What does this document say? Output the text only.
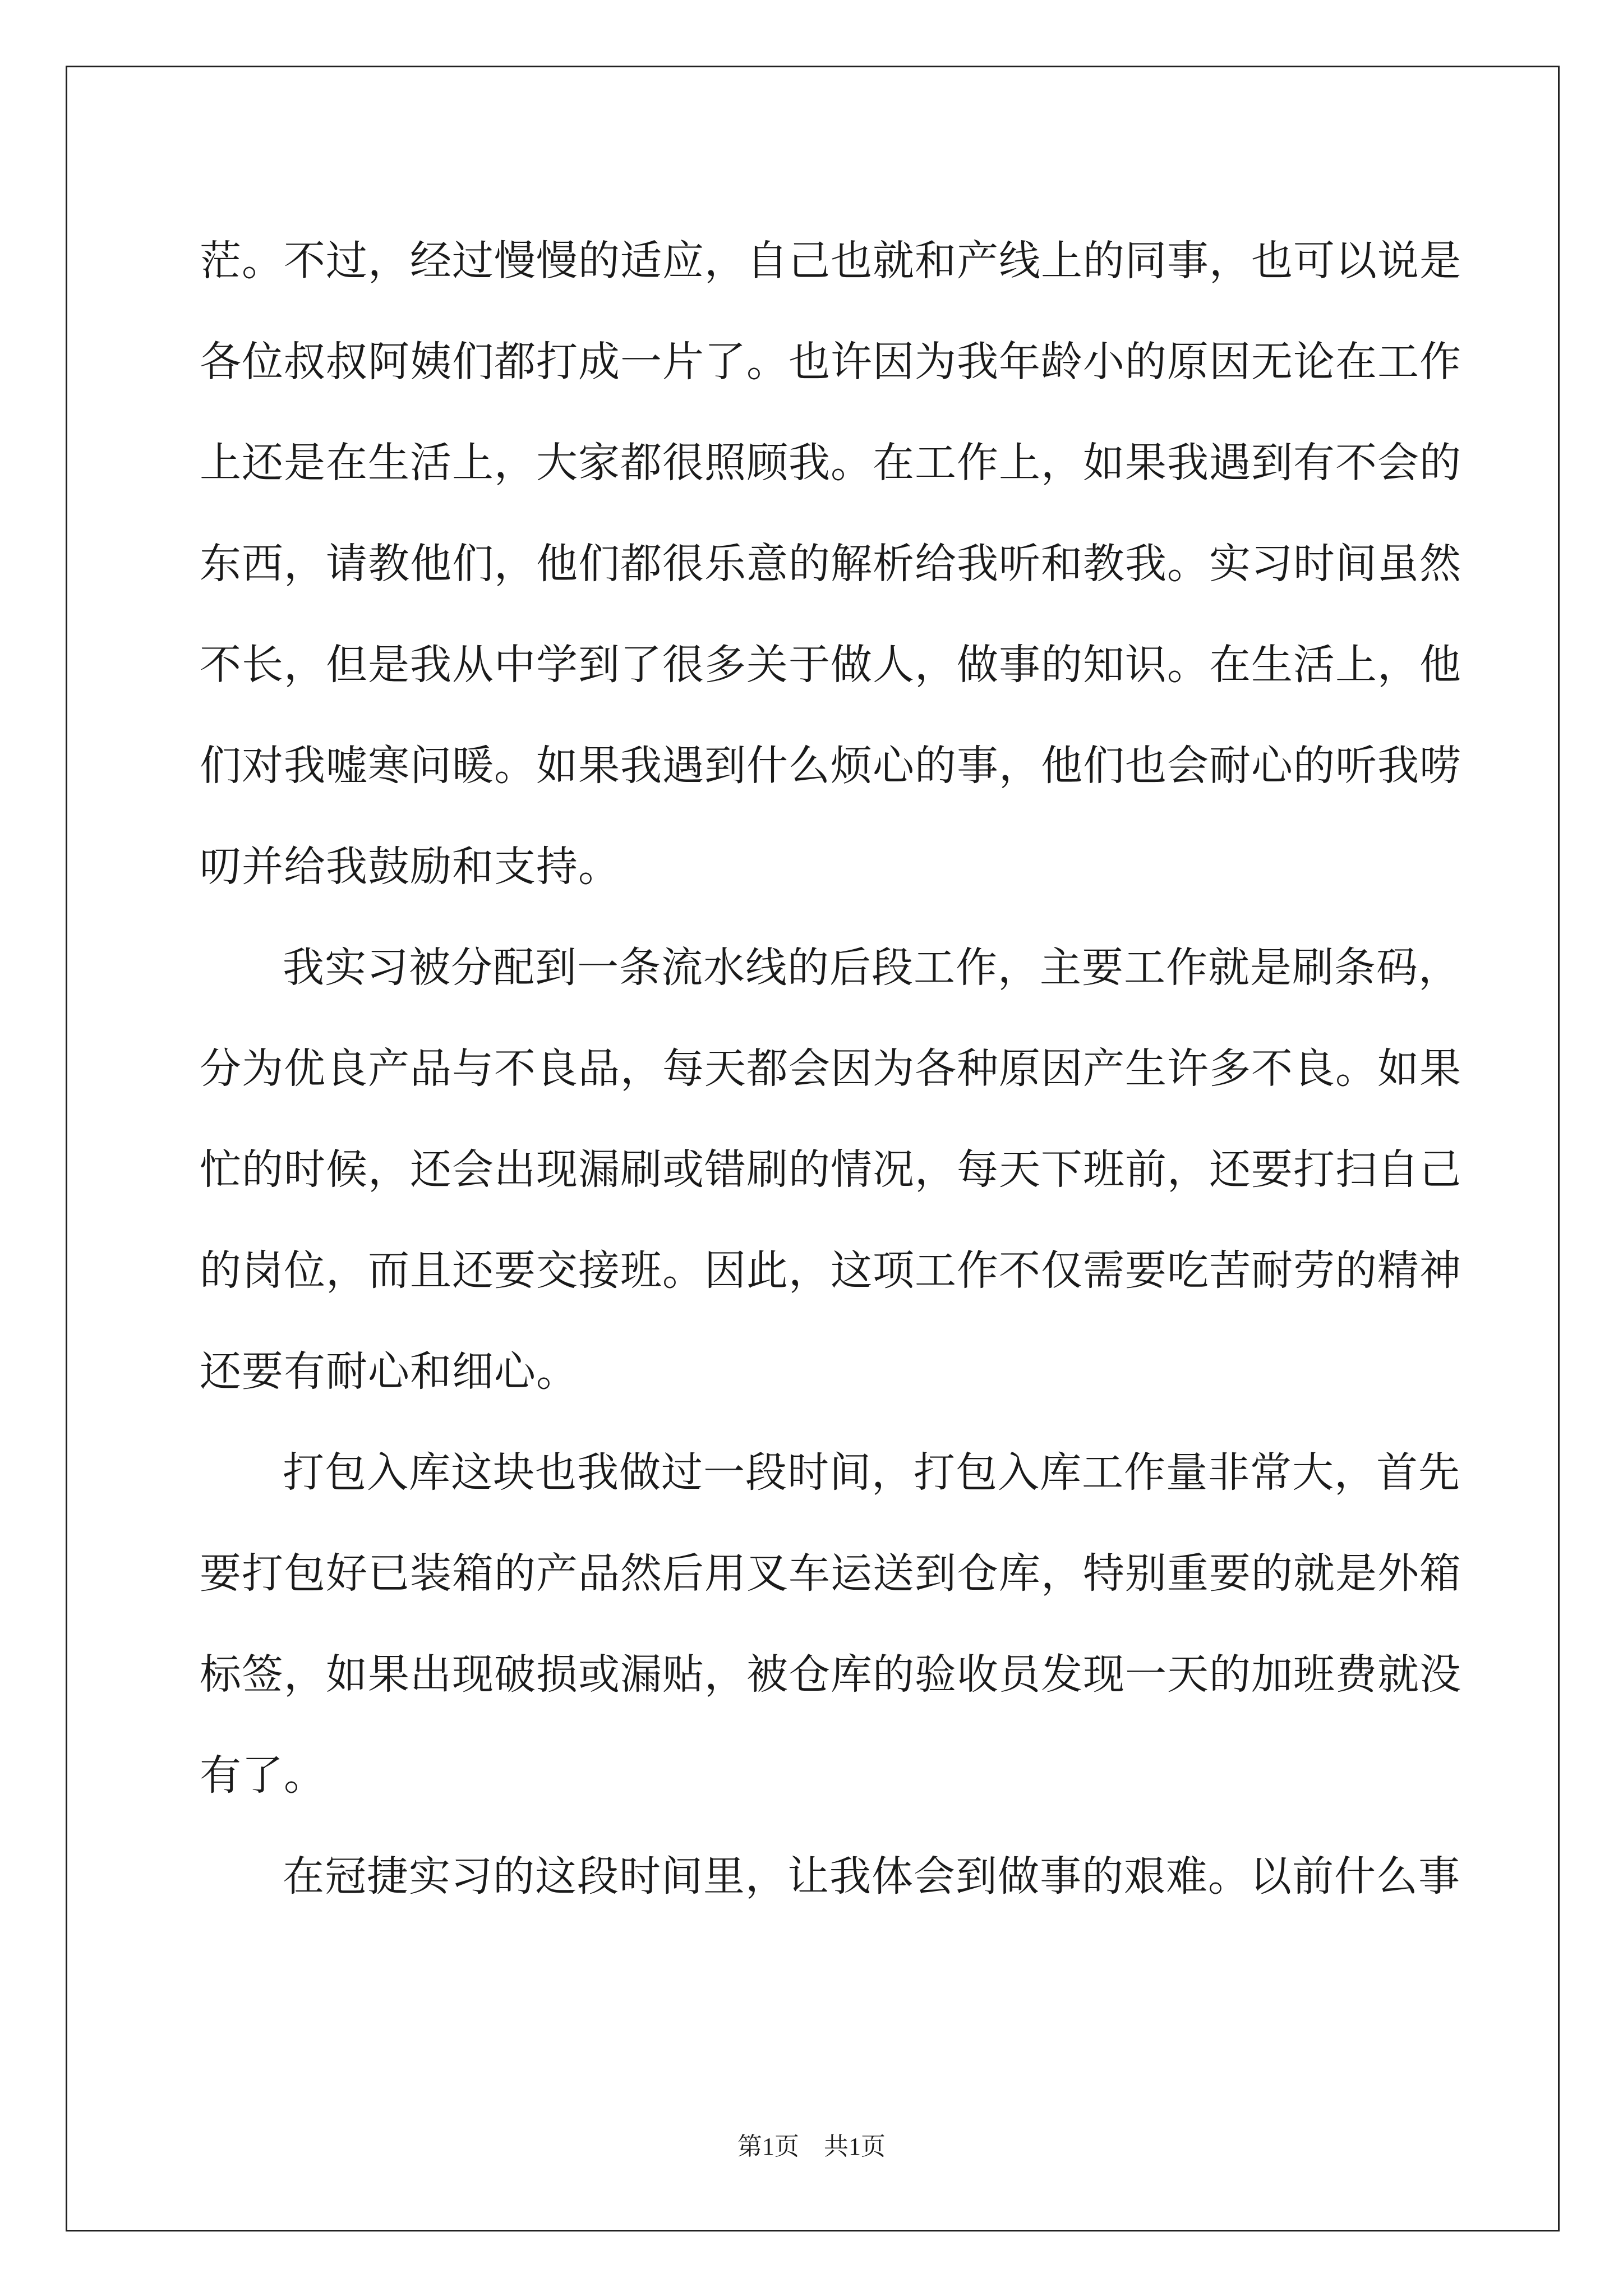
茫。不过，经过慢慢的适应，自己也就和产线上的同事，也可以说是
各位叔叔阿姨们都打成一片了。也许因为我年龄小的原因无论在工作
上还是在生活上，大家都很照顾我。在工作上，如果我遇到有不会的
东西，请教他们，他们都很乐意的解析给我听和教我。实习时间虽然
不长，但是我从中学到了很多关于做人，做事的知识。在生活上，他
们对我嘘寒问暖。如果我遇到什么烦心的事，他们也会耐心的听我唠
叨并给我鼓励和支持。
我实习被分配到一条流水线的后段工作，主要工作就是刷条码，
分为优良产品与不良品，每天都会因为各种原因产生许多不良。如果
忙的时候，还会出现漏刷或错刷的情况，每天下班前，还要打扫自己
的岗位，而且还要交接班。因此，这项工作不仅需要吃苦耐劳的精神
还要有耐心和细心。
打包入库这块也我做过一段时间，打包入库工作量非常大，首先
要打包好已装箱的产品然后用叉车运送到仓库，特别重要的就是外箱
标签，如果出现破损或漏贴，被仓库的验收员发现一天的加班费就没
有了。
在冠捷实习的这段时间里，让我体会到做事的艰难。以前什么事
第1页　共1页
